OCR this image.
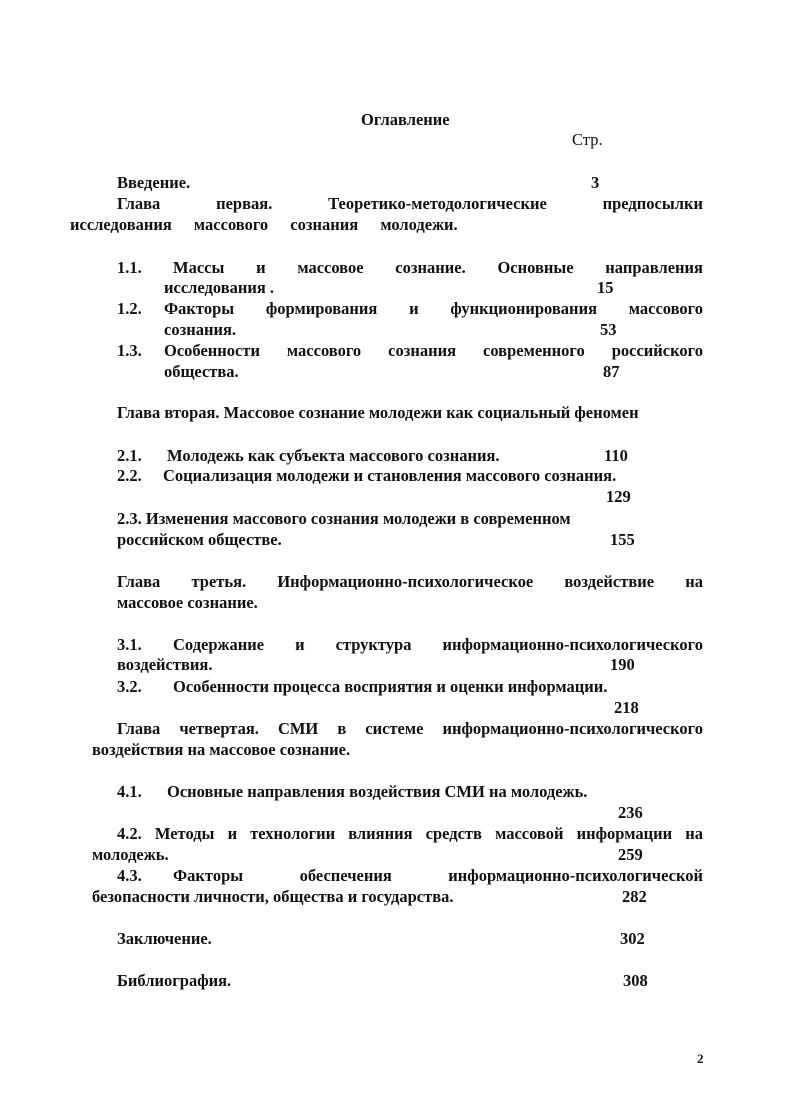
Оглавление
Стр.
Введение.	3
Глава первая. Теоретико-методологические предпосылки
исследования массового сознания молодежи.
1.1. Массы и массовое сознание. Основные направления
исследования .	15
1.2. Факторы формирования и функционирования массового
сознания.	53
1.3. Особенности массового сознания современного российского
общества.	87
Глава вторая. Массовое сознание молодежи как социальный феномен
2.1. Молодежь как субъекта массового сознания.	110
2.2. Социализация молодежи и становления массового сознания.
129
2.3. Изменения массового сознания молодежи в современном
российском обществе.	155
Глава третья. Информационно-психологическое воздействие на
массовое сознание.
3.1. Содержание и структура информационно-психологического
воздействия.	190
3.2. Особенности процесса восприятия и оценки информации.
218
Глава четвертая. СМИ в системе информационно-психологического
воздействия на массовое сознание.
4.1. Основные направления воздействия СМИ на молодежь.
236
4.2. Методы и технологии влияния средств массовой информации на
молодежь.	259
4.3. Факторы обеспечения информационно-психологической
безопасности личности, общества и государства.	282
Заключение.	302
Библиография.	308
2
